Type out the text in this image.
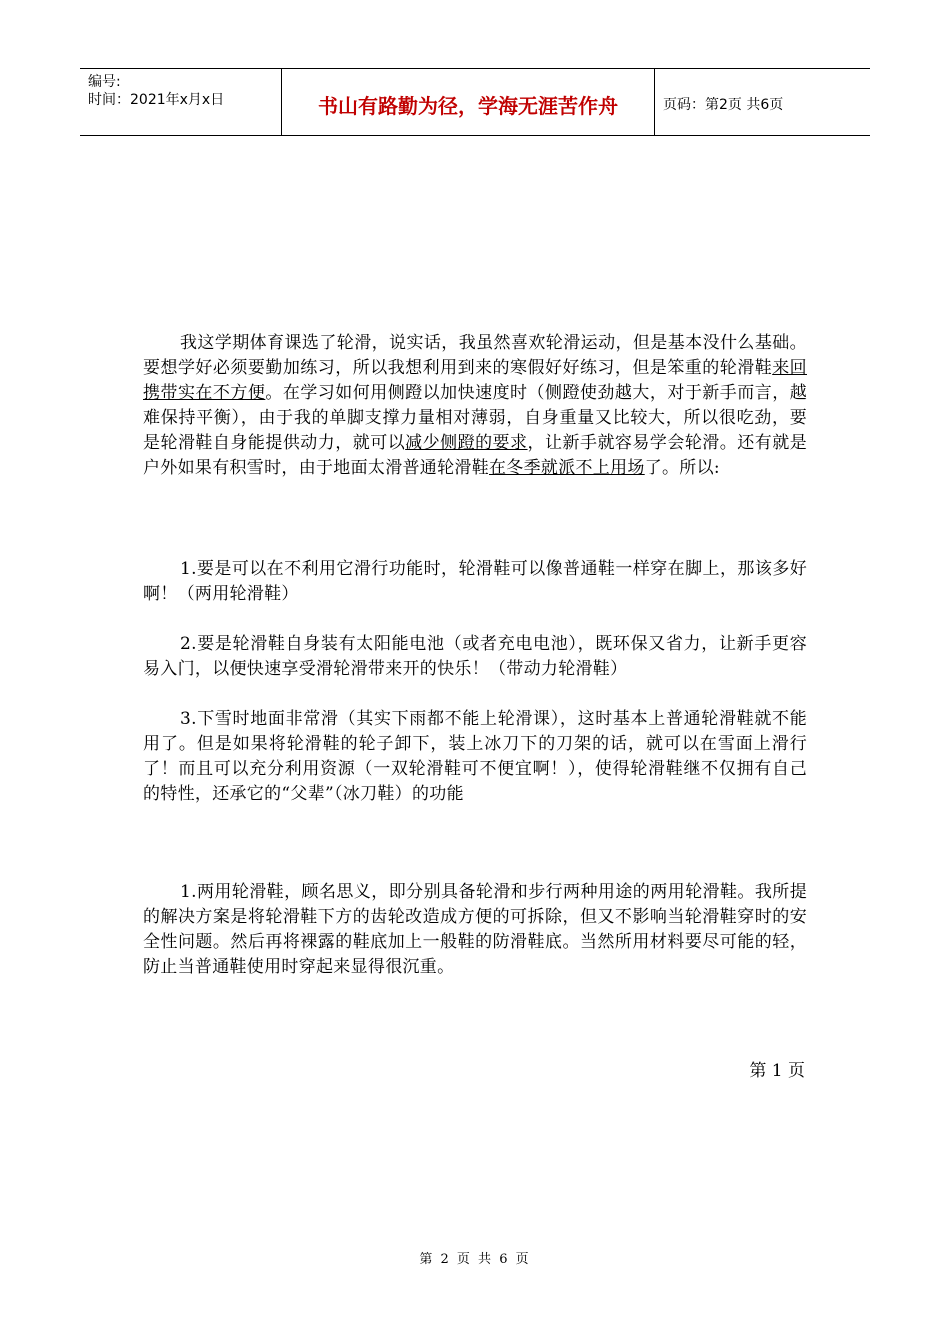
编号:
时间：2021年x月x日	书山有路勤为径，学海无涯苦作舟	页码：第2页 共6页

我这学期体育课选了轮滑，说实话，我虽然喜欢轮滑运动，但是基本没什么基础。要想学好必须要勤加练习，所以我想利用到来的寒假好好练习，但是笨重的轮滑鞋来回携带实在不方便。在学习如何用侧蹬以加快速度时（侧蹬使劲越大，对于新手而言，越难保持平衡），由于我的单脚支撑力量相对薄弱，自身重量又比较大，所以很吃劲，要是轮滑鞋自身能提供动力，就可以减少侧蹬的要求，让新手就容易学会轮滑。还有就是户外如果有积雪时，由于地面太滑普通轮滑鞋在冬季就派不上用场了。所以:

1.要是可以在不利用它滑行功能时，轮滑鞋可以像普通鞋一样穿在脚上，那该多好啊！（两用轮滑鞋）

2.要是轮滑鞋自身装有太阳能电池（或者充电电池），既环保又省力，让新手更容易入门，以便快速享受滑轮滑带来开的快乐！（带动力轮滑鞋）

3.下雪时地面非常滑（其实下雨都不能上轮滑课），这时基本上普通轮滑鞋就不能用了。但是如果将轮滑鞋的轮子卸下，装上冰刀下的刀架的话，就可以在雪面上滑行了！而且可以充分利用资源（一双轮滑鞋可不便宜啊！），使得轮滑鞋继不仅拥有自己的特性，还承它的“父辈”（冰刀鞋）的功能

1.两用轮滑鞋，顾名思义，即分别具备轮滑和步行两种用途的两用轮滑鞋。我所提的解决方案是将轮滑鞋下方的齿轮改造成方便的可拆除，但又不影响当轮滑鞋穿时的安全性问题。然后再将裸露的鞋底加上一般鞋的防滑鞋底。当然所用材料要尽可能的轻，防止当普通鞋使用时穿起来显得很沉重。

第 1 页
第 2 页 共 6 页
